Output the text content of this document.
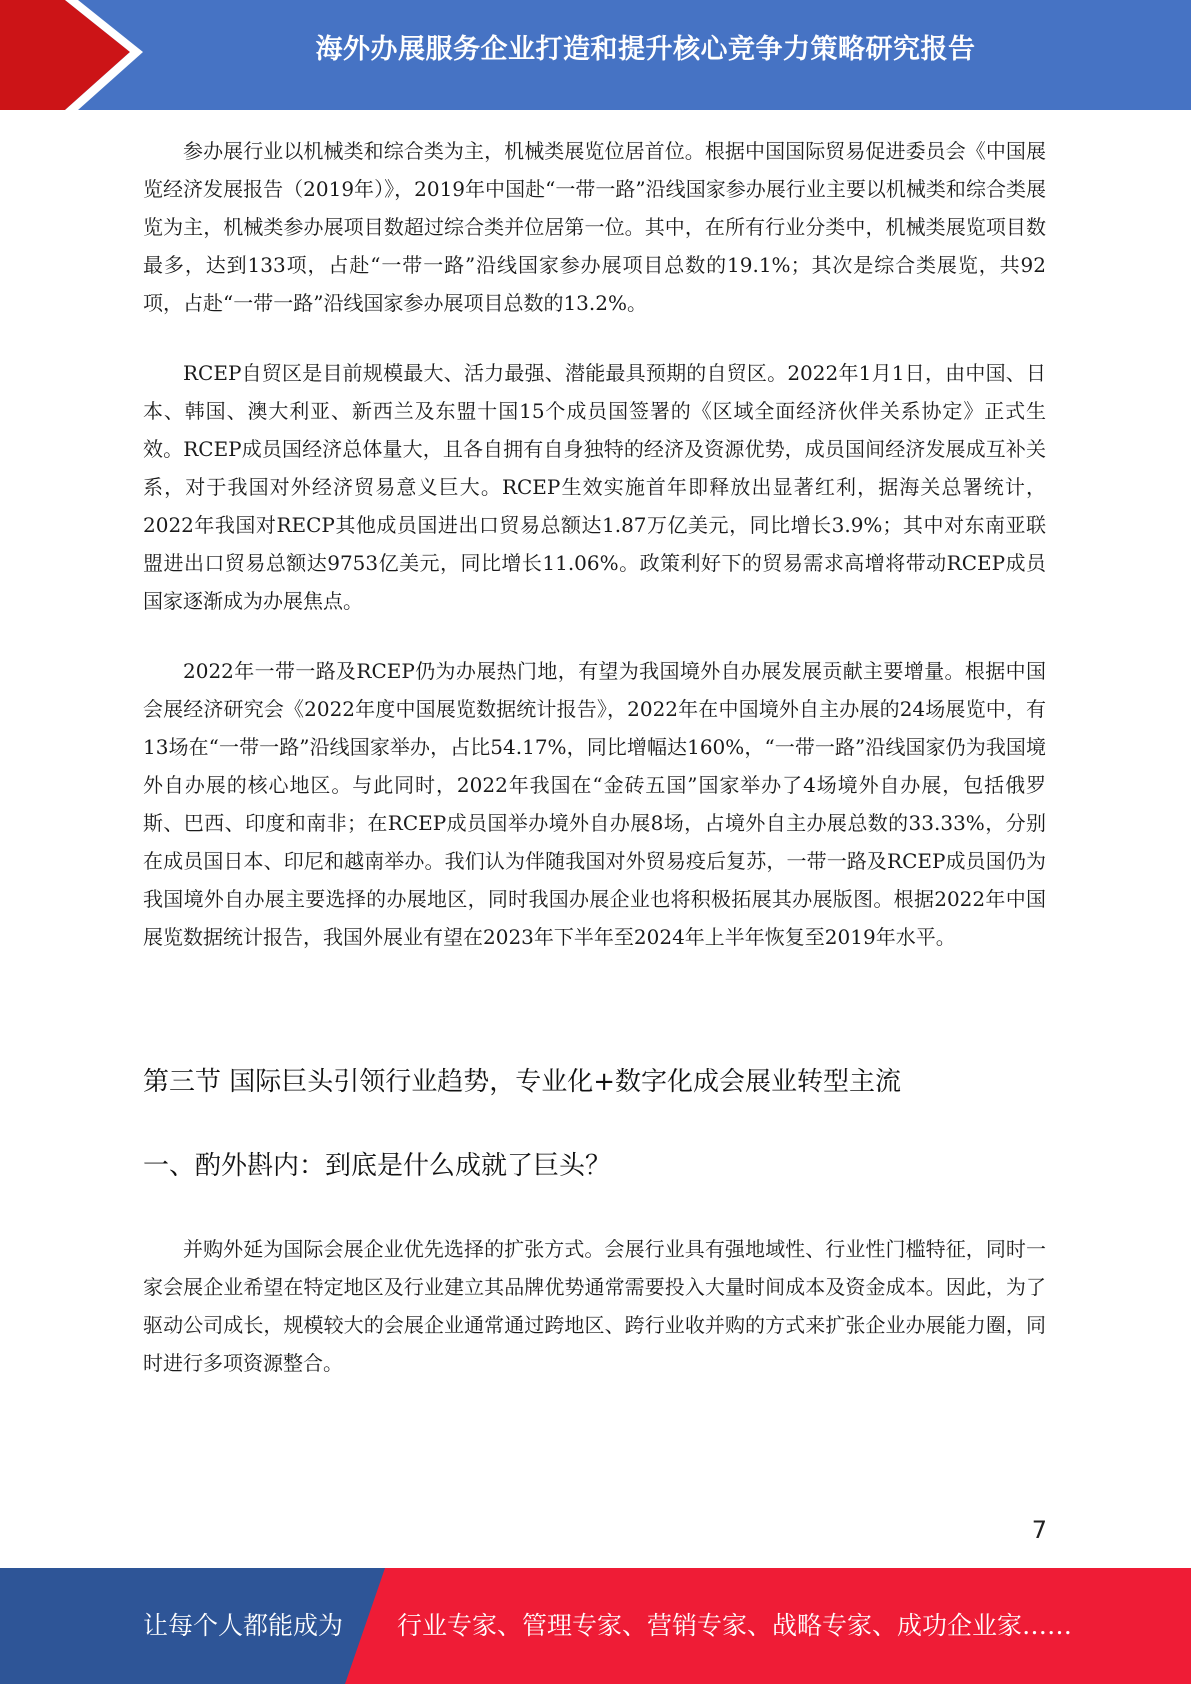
海外办展服务企业打造和提升核心竞争力策略研究报告

参办展行业以机械类和综合类为主，机械类展览位居首位。根据中国国际贸易促进委员会《中国展览经济发展报告（2019年）》，2019年中国赴“一带一路”沿线国家参办展行业主要以机械类和综合类展览为主，机械类参办展项目数超过综合类并位居第一位。其中，在所有行业分类中，机械类展览项目数最多，达到133项，占赴“一带一路”沿线国家参办展项目总数的19.1%；其次是综合类展览，共92项，占赴“一带一路”沿线国家参办展项目总数的13.2%。

RCEP自贸区是目前规模最大、活力最强、潜能最具预期的自贸区。2022年1月1日，由中国、日本、韩国、澳大利亚、新西兰及东盟十国15个成员国签署的《区域全面经济伙伴关系协定》正式生效。RCEP成员国经济总体量大，且各自拥有自身独特的经济及资源优势，成员国间经济发展成互补关系，对于我国对外经济贸易意义巨大。RCEP生效实施首年即释放出显著红利，据海关总署统计，2022年我国对RECP其他成员国进出口贸易总额达1.87万亿美元，同比增长3.9%；其中对东南亚联盟进出口贸易总额达9753亿美元，同比增长11.06%。政策利好下的贸易需求高增将带动RCEP成员国家逐渐成为办展焦点。

2022年一带一路及RCEP仍为办展热门地，有望为我国境外自办展发展贡献主要增量。根据中国会展经济研究会《2022年度中国展览数据统计报告》，2022年在中国境外自主办展的24场展览中，有13场在“一带一路”沿线国家举办，占比54.17%，同比增幅达160%，“一带一路”沿线国家仍为我国境外自办展的核心地区。与此同时，2022年我国在“金砖五国”国家举办了4场境外自办展，包括俄罗斯、巴西、印度和南非；在RCEP成员国举办境外自办展8场，占境外自主办展总数的33.33%，分别在成员国日本、印尼和越南举办。我们认为伴随我国对外贸易疫后复苏，一带一路及RCEP成员国仍为我国境外自办展主要选择的办展地区，同时我国办展企业也将积极拓展其办展版图。根据2022年中国展览数据统计报告，我国外展业有望在2023年下半年至2024年上半年恢复至2019年水平。

第三节 国际巨头引领行业趋势，专业化+数字化成会展业转型主流
一、酌外斟内：到底是什么成就了巨头？

并购外延为国际会展企业优先选择的扩张方式。会展行业具有强地域性、行业性门槛特征，同时一家会展企业希望在特定地区及行业建立其品牌优势通常需要投入大量时间成本及资金成本。因此，为了驱动公司成长，规模较大的会展企业通常通过跨地区、跨行业收并购的方式来扩张企业办展能力圈，同时进行多项资源整合。

7
让每个人都能成为 行业专家、管理专家、营销专家、战略专家、成功企业家……
